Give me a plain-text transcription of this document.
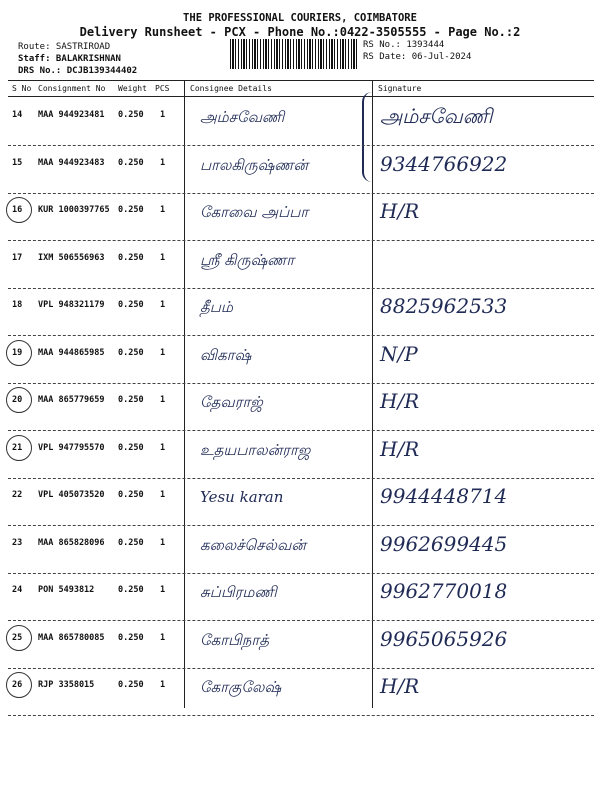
THE PROFESSIONAL COURIERS, COIMBATORE
Delivery Runsheet - PCX - Phone No.:0422-3505555 - Page No.:2
Route: SASTRIROAD
Staff: BALAKRISHNAN
DRS No.: DCJB139344402
RS No.: 1393444
RS Date: 06-Jul-2024
S No Consignment No Weight PCS	Consignee Details	Signature
14 MAA 944923481 0.250 1 அம்சவேணி	அம்சவேணி
15 MAA 944923483 0.250 1 பாலகிருஷ்ணன்	9344766922
16 KUR 1000397765 0.250 1 கோவை அப்பா	H/R
17 IXM 506556963 0.250 1 ஸ்ரீ கிருஷ்ணா
18 VPL 948321179 0.250 1 தீபம்	8825962533
19 MAA 944865985 0.250 1 விகாஷ்	N/P
20 MAA 865779659 0.250 1 தேவராஜ்	H/R
21 VPL 947795570 0.250 1 உதயபாலன்ராஜ	H/R
22 VPL 405073520 0.250 1 Yesu karan	9944448714
23 MAA 865828096 0.250 1 கலைச்செல்வன்	9962699445
24 PON 5493812	0.250 1 சுப்பிரமணி	9962770018
25 MAA 865780085 0.250 1 கோபிநாத்	9965065926
26 RJP 3358015	0.250 1 கோகுலேஷ்	H/R
